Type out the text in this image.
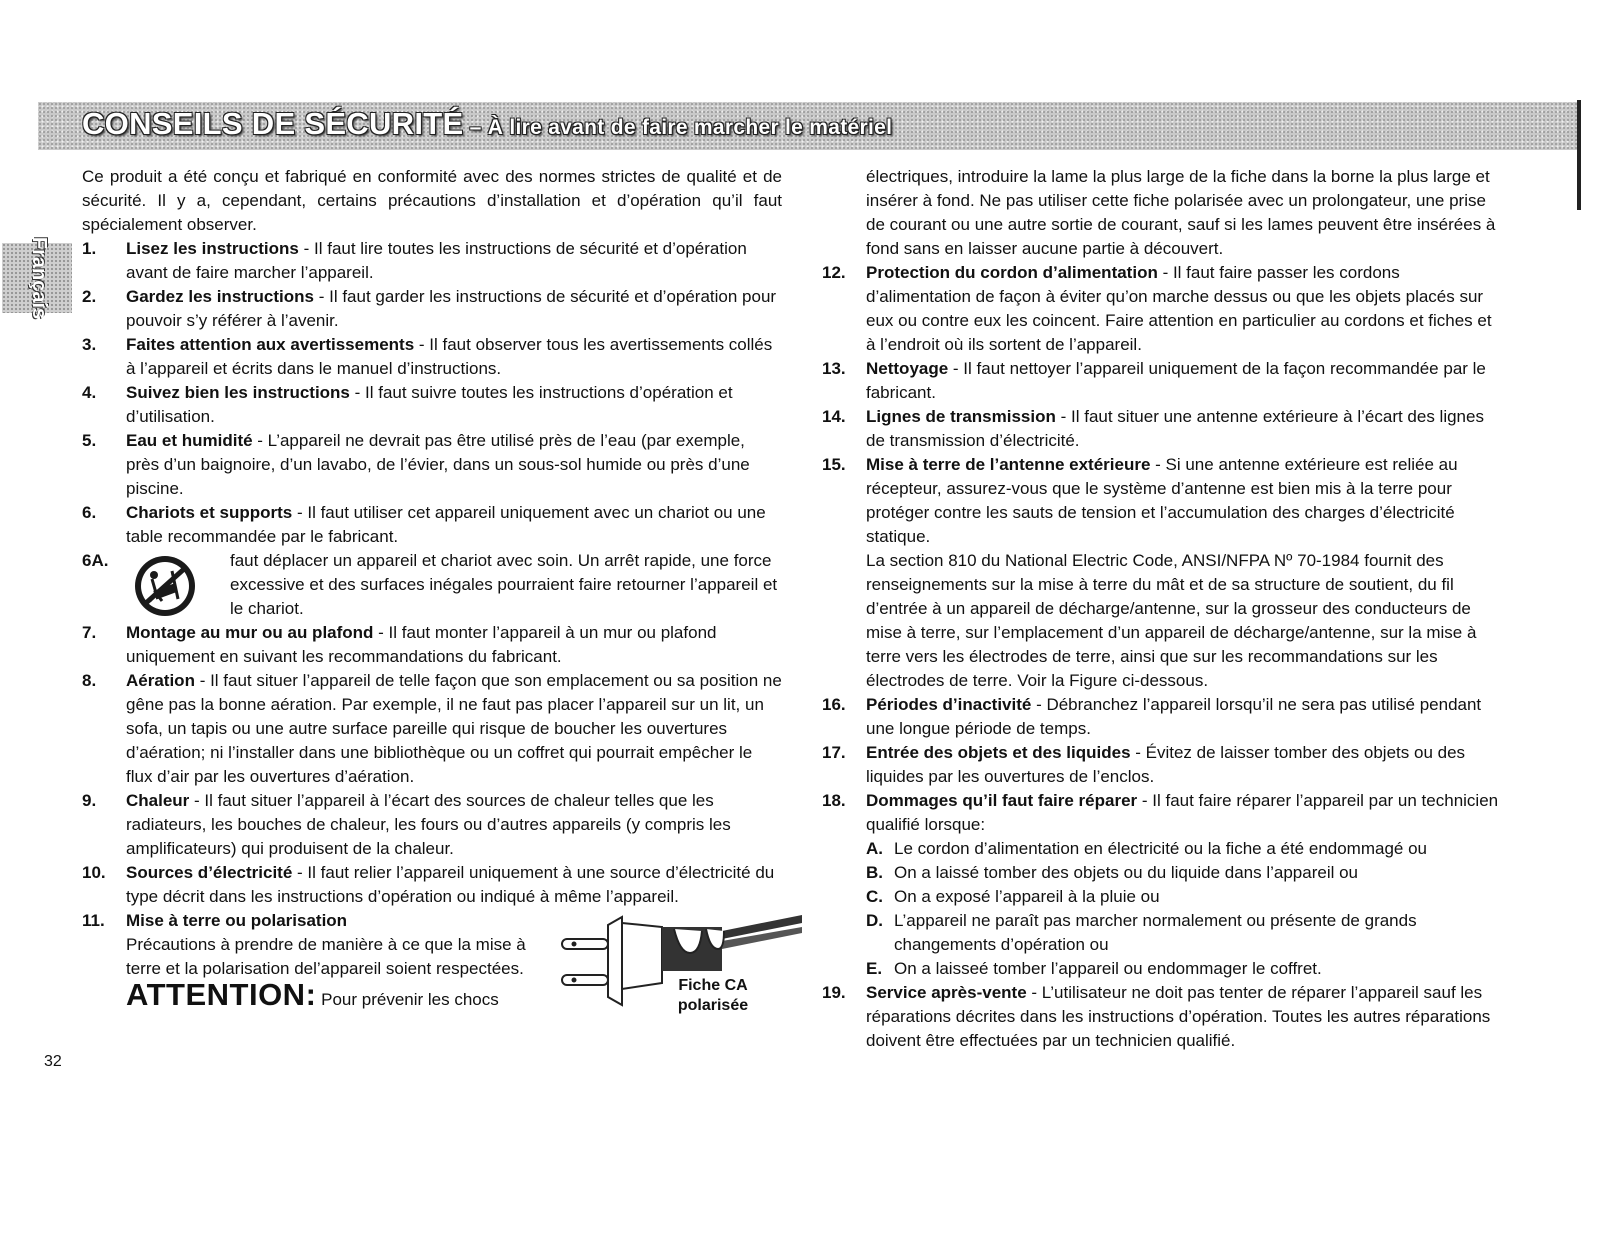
CONSEILS DE SÉCURITÉ – À lire avant de faire marcher le matériel
Français

Ce produit a été conçu et fabriqué en conformité avec des normes strictes de qualité et de sécurité. Il y a, cependant, certains précautions d’installation et d’opération qu’il faut spécialement observer.

1.	Lisez les instructions - Il faut lire toutes les instructions de sécurité et d’opération avant de faire marcher l’appareil.
2.	Gardez les instructions - Il faut garder les instructions de sécurité et d’opération pour pouvoir s’y référer à l’avenir.
3.	Faites attention aux avertissements - Il faut observer tous les avertissements collés à l’appareil et écrits dans le manuel d’instructions.
4.	Suivez bien les instructions - Il faut suivre toutes les instructions d’opération et d’utilisation.
5.	Eau et humidité - L’appareil ne devrait pas être utilisé près de l’eau (par exemple, près d’un baignoire, d’un lavabo, de l’évier, dans un sous-sol humide ou près d’une piscine.
6.	Chariots et supports - Il faut utiliser cet appareil uniquement avec un chariot ou une table recommandée par le fabricant.
6A.	faut déplacer un appareil et chariot avec soin. Un arrêt rapide, une force excessive et des surfaces inégales pourraient faire retourner l’appareil et le chariot.
7.	Montage au mur ou au plafond - Il faut monter l’appareil à un mur ou plafond uniquement en suivant les recommandations du fabricant.
8.	Aération - Il faut situer l’appareil de telle façon que son emplacement ou sa position ne gêne pas la bonne aération. Par exemple, il ne faut pas placer l’appareil sur un lit, un sofa, un tapis ou une autre surface pareille qui risque de boucher les ouvertures d’aération; ni l’installer dans une bibliothèque ou un coffret qui pourrait empêcher le flux d’air par les ouvertures d’aération.
9.	Chaleur - Il faut situer l’appareil à l’écart des sources de chaleur telles que les radiateurs, les bouches de chaleur, les fours ou d’autres appareils (y compris les amplificateurs) qui produisent de la chaleur.
10.	Sources d’électricité - Il faut relier l’appareil uniquement à une source d’électricité du type décrit dans les instructions d’opération ou indiqué à même l’appareil.
11.	Mise à terre ou polarisation
Précautions à prendre de manière à ce que la mise à
terre et la polarisation del’appareil soient respectées.
ATTENTION: Pour prévenir les chocs
Fiche CA
polarisée

électriques, introduire la lame la plus large de la fiche dans la borne la plus large et insérer à fond. Ne pas utiliser cette fiche polarisée avec un prolongateur, une prise de courant ou une autre sortie de courant, sauf si les lames peuvent être insérées à fond sans en laisser aucune partie à découvert.

12.	Protection du cordon d’alimentation - Il faut faire passer les cordons d’alimentation de façon à éviter qu’on marche dessus ou que les objets placés sur eux ou contre eux les coincent. Faire attention en particulier au cordons et fiches et à l’endroit où ils sortent de l’appareil.
13.	Nettoyage - Il faut nettoyer l’appareil uniquement de la façon recommandée par le fabricant.
14.	Lignes de transmission - Il faut situer une antenne extérieure à l’écart des lignes de transmission d’électricité.
15.	Mise à terre de l’antenne extérieure - Si une antenne extérieure est reliée au récepteur, assurez-vous que le système d’antenne est bien mis à la terre pour protéger contre les sauts de tension et l’accumulation des charges d’électricité statique.

La section 810 du National Electric Code, ANSI/NFPA Nº 70-1984 fournit des renseignements sur la mise à terre du mât et de sa structure de soutient, du fil d’entrée à un appareil de décharge/antenne, sur la grosseur des conducteurs de mise à terre, sur l’emplacement d’un appareil de décharge/antenne, sur la mise à terre vers les électrodes de terre, ainsi que sur les recommandations sur les électrodes de terre. Voir la Figure ci-dessous.

16.	Périodes d’inactivité - Débranchez l’appareil lorsqu’il ne sera pas utilisé pendant une longue période de temps.
17.	Entrée des objets et des liquides - Évitez de laisser tomber des objets ou des liquides par les ouvertures de l’enclos.
18.	Dommages qu’il faut faire réparer - Il faut faire réparer l’appareil par un technicien qualifié lorsque:
A. Le cordon d’alimentation en électricité ou la fiche a été endommagé ou
B. On a laissé tomber des objets ou du liquide dans l’appareil ou
C. On a exposé l’appareil à la pluie ou
D. L’appareil ne paraît pas marcher normalement ou présente de grands changements d’opération ou
E. On a laisseé tomber l’appareil ou endommager le coffret.
19.	Service après-vente - L’utilisateur ne doit pas tenter de réparer l’appareil sauf les réparations décrites dans les instructions d’opération. Toutes les autres réparations doivent être effectuées par un technicien qualifié.
32
